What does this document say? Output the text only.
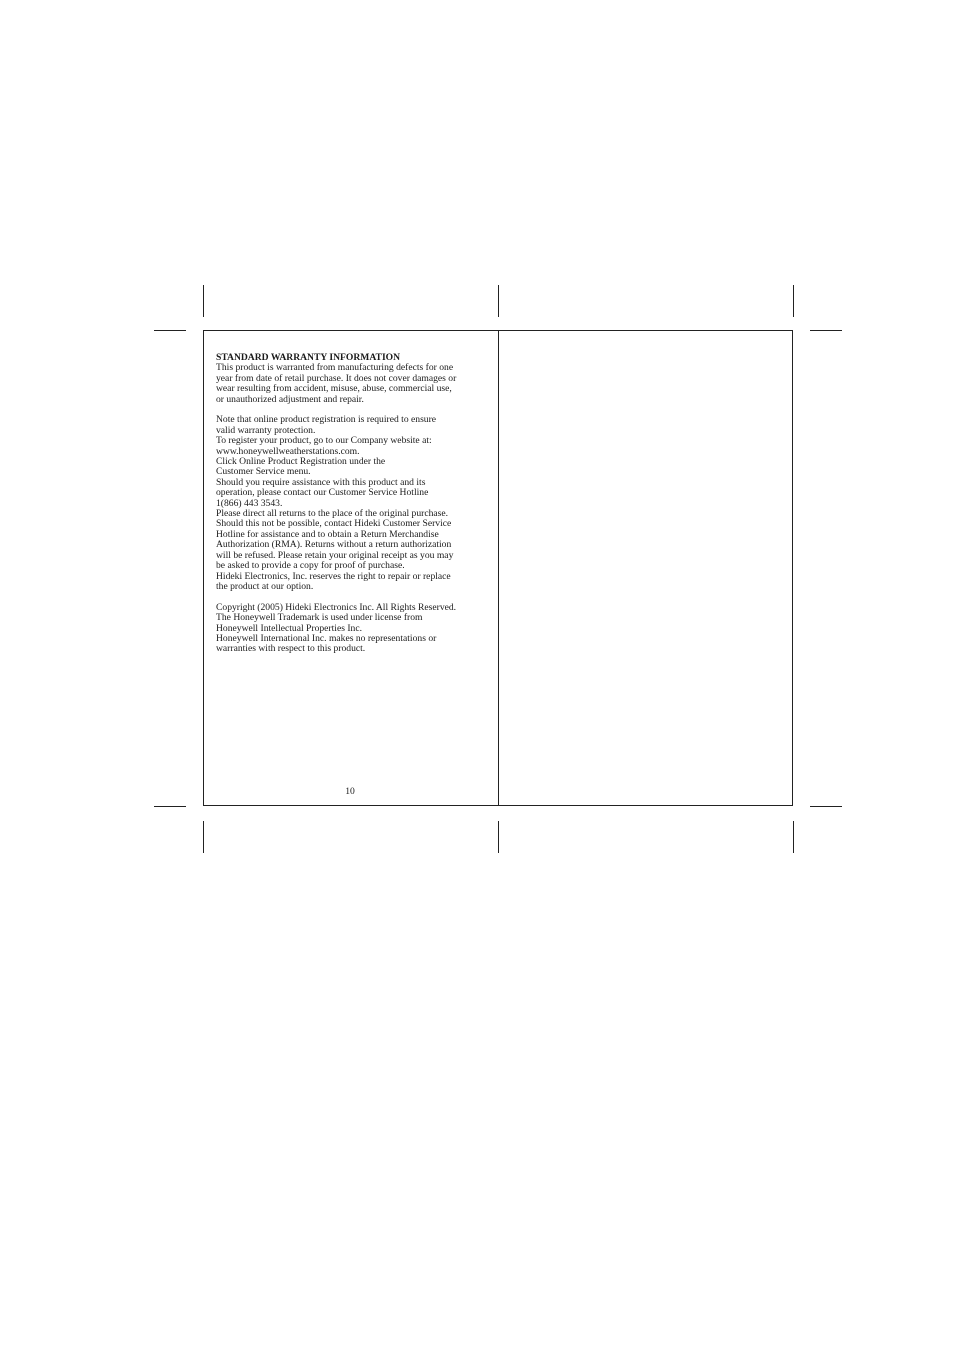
STANDARD WARRANTY INFORMATION

This product is warranted from manufacturing defects for one

year from date of retail purchase. It does not cover damages or

wear resulting from accident, misuse, abuse, commercial use,

or unauthorized adjustment and repair.

Note that online product registration is required to ensure

valid warranty protection.

To register your product, go to our Company website at:

www.honeywellweatherstations.com.

Click Online Product Registration under the

Customer Service menu.

Should you require assistance with this product and its

operation, please contact our Customer Service Hotline

1(866) 443 3543.

Please direct all returns to the place of the original purchase.

Should this not be possible, contact Hideki Customer Service

Hotline for assistance and to obtain a Return Merchandise

Authorization (RMA). Returns without a return authorization

will be refused. Please retain your original receipt as you may

be asked to provide a copy for proof of purchase.

Hideki Electronics, Inc. reserves the right to repair or replace

the product at our option.

Copyright (2005) Hideki Electronics Inc. All Rights Reserved.

The Honeywell Trademark is used under license from

Honeywell Intellectual Properties Inc.

Honeywell International Inc. makes no representations or

warranties with respect to this product.

10
